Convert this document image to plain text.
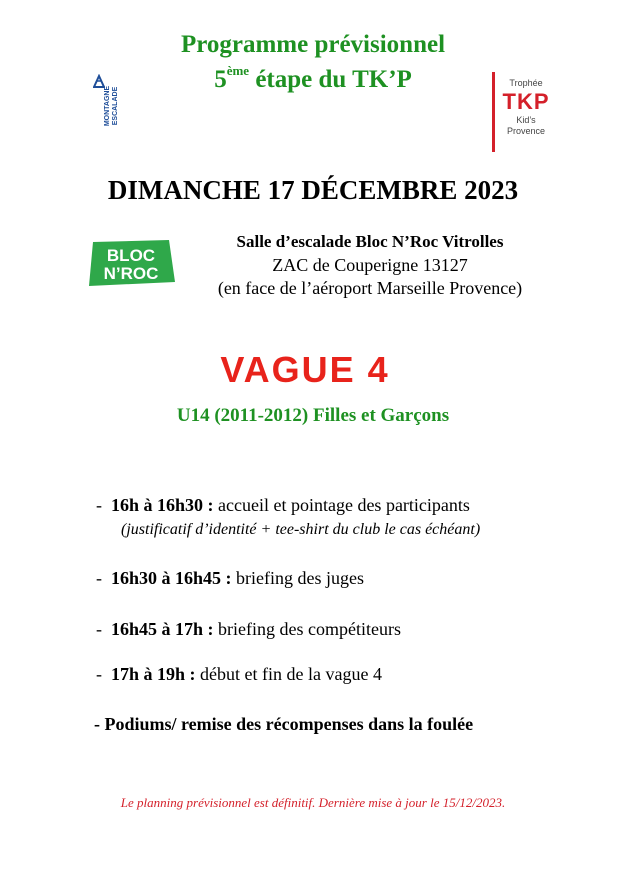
Programme prévisionnel
5ème étape du TK’P
MONTAGNE ESCALADE
Trophée
TKP
Kid’s
Provence
DIMANCHE 17 DÉCEMBRE 2023
BLOC
N’ROC
Salle d’escalade Bloc N’Roc Vitrolles
ZAC de Couperigne 13127
(en face de l’aéroport Marseille Provence)
VAGUE 4
U14 (2011-2012) Filles et Garçons
- 16h à 16h30 : accueil et pointage des participants
(justificatif d’identité + tee-shirt du club le cas échéant)
- 16h30 à 16h45 : briefing des juges
- 16h45 à 17h : briefing des compétiteurs
- 17h à 19h : début et fin de la vague 4
- Podiums/ remise des récompenses dans la foulée
Le planning prévisionnel est définitif. Dernière mise à jour le 15/12/2023.
